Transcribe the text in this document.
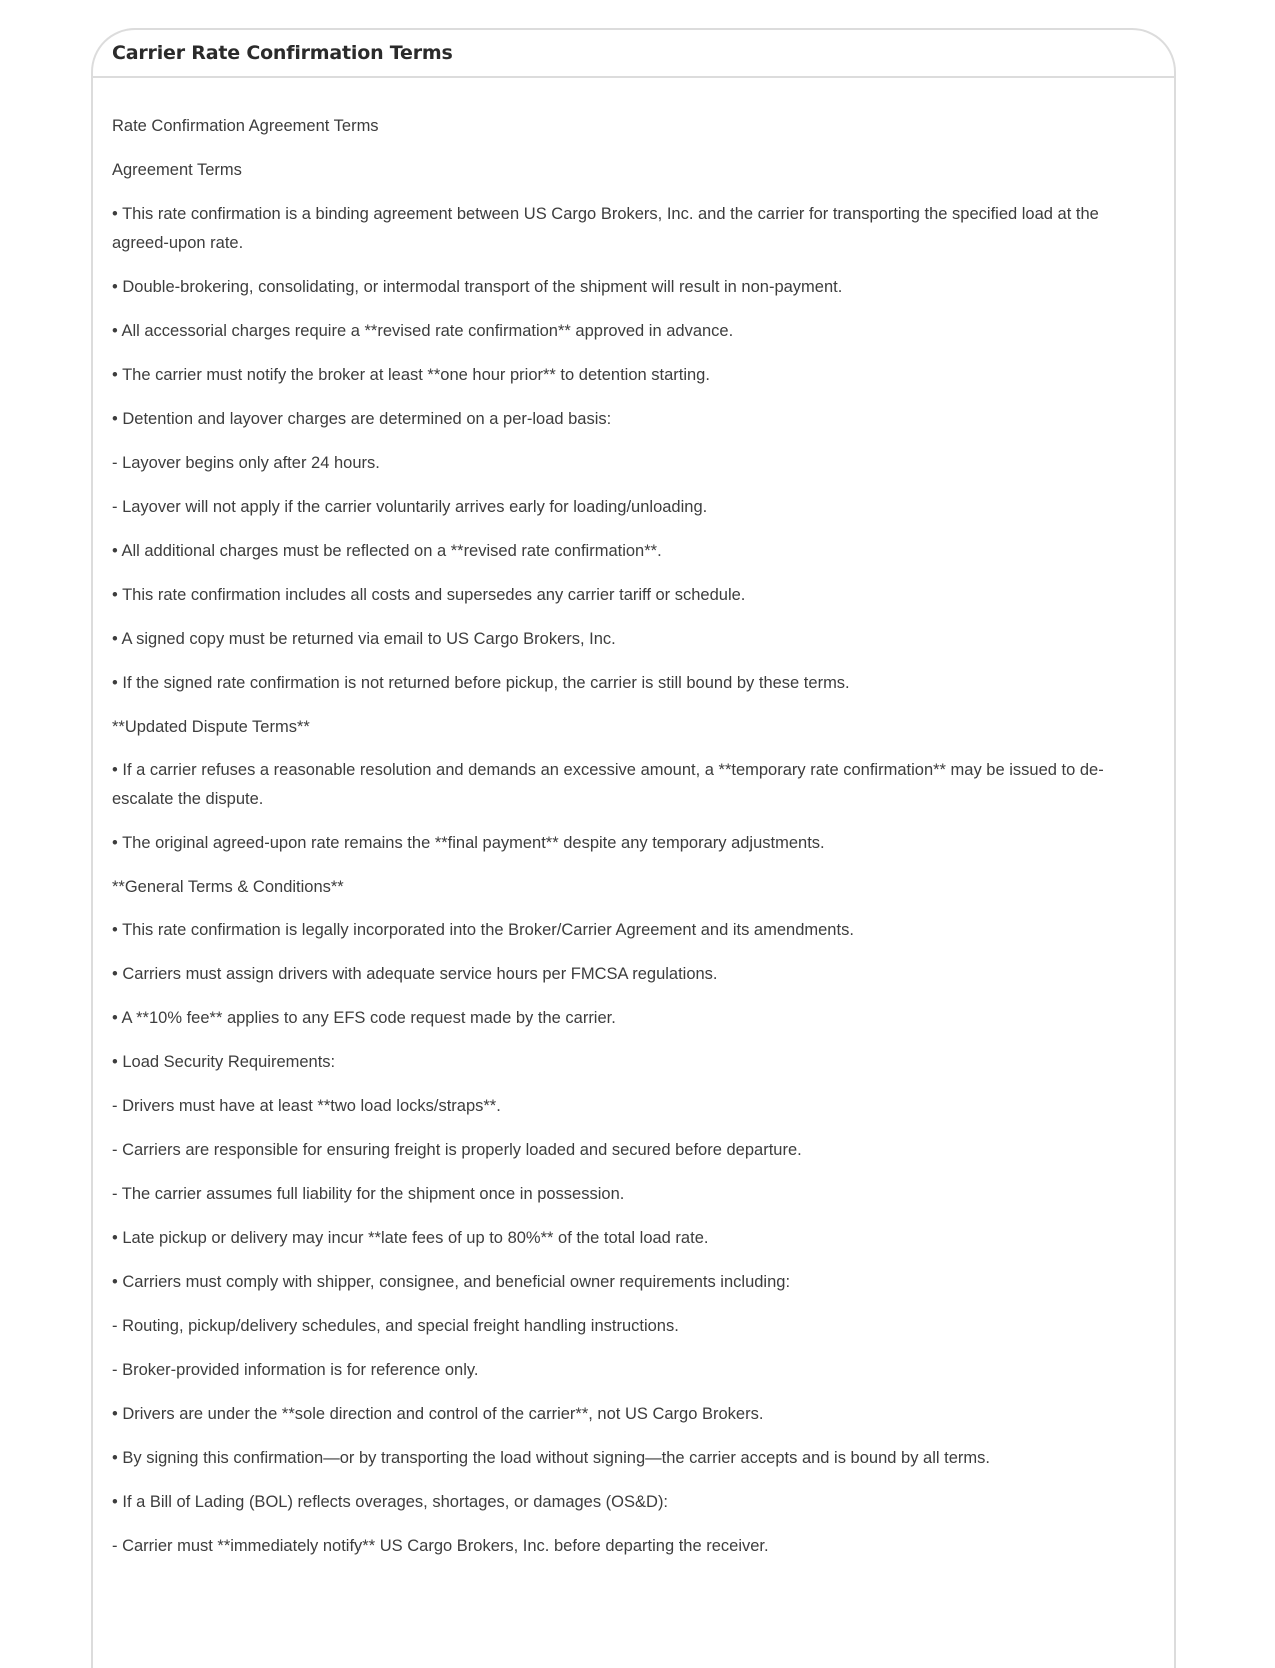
Carrier Rate Confirmation Terms

Rate Confirmation Agreement Terms

Agreement Terms

• This rate confirmation is a binding agreement between US Cargo Brokers, Inc. and the carrier for transporting the specified load at the agreed-upon rate.

• Double-brokering, consolidating, or intermodal transport of the shipment will result in non-payment.

• All accessorial charges require a **revised rate confirmation** approved in advance.

• The carrier must notify the broker at least **one hour prior** to detention starting.

• Detention and layover charges are determined on a per-load basis:

- Layover begins only after 24 hours.

- Layover will not apply if the carrier voluntarily arrives early for loading/unloading.

• All additional charges must be reflected on a **revised rate confirmation**.

• This rate confirmation includes all costs and supersedes any carrier tariff or schedule.

• A signed copy must be returned via email to US Cargo Brokers, Inc.

• If the signed rate confirmation is not returned before pickup, the carrier is still bound by these terms.

**Updated Dispute Terms**

• If a carrier refuses a reasonable resolution and demands an excessive amount, a **temporary rate confirmation** may be issued to de-escalate the dispute.

• The original agreed-upon rate remains the **final payment** despite any temporary adjustments.

**General Terms & Conditions**

• This rate confirmation is legally incorporated into the Broker/Carrier Agreement and its amendments.

• Carriers must assign drivers with adequate service hours per FMCSA regulations.

• A **10% fee** applies to any EFS code request made by the carrier.

• Load Security Requirements:

- Drivers must have at least **two load locks/straps**.

- Carriers are responsible for ensuring freight is properly loaded and secured before departure.

- The carrier assumes full liability for the shipment once in possession.

• Late pickup or delivery may incur **late fees of up to 80%** of the total load rate.

• Carriers must comply with shipper, consignee, and beneficial owner requirements including:

- Routing, pickup/delivery schedules, and special freight handling instructions.

- Broker-provided information is for reference only.

• Drivers are under the **sole direction and control of the carrier**, not US Cargo Brokers.

• By signing this confirmation—or by transporting the load without signing—the carrier accepts and is bound by all terms.

• If a Bill of Lading (BOL) reflects overages, shortages, or damages (OS&D):

- Carrier must **immediately notify** US Cargo Brokers, Inc. before departing the receiver.
